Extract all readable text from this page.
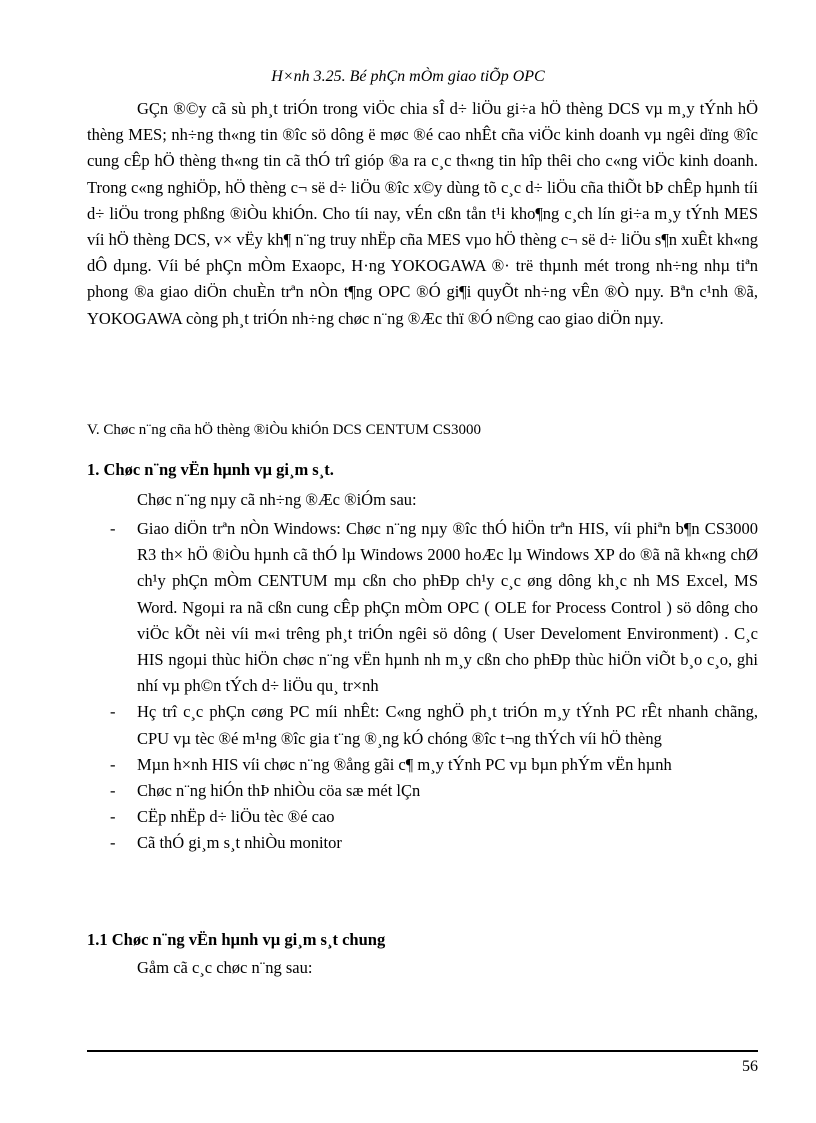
H×nh 3.25. Bé phÇn mÒm giao tiÕp OPC

GÇn ®©y cã sù ph¸t triÓn trong viÖc chia sÎ d÷ liÖu gi÷a hÖ thèng DCS vµ m¸y tÝnh hÖ thèng MES; nh÷ng th«ng tin ®îc sö dông ë møc ®é cao nhÊt cña viÖc kinh doanh vµ ngêi dïng ®îc cung cÊp hÖ thèng th«ng tin cã thÓ trî gióp ®a ra c¸c th«ng tin hîp thêi cho c«ng viÖc kinh doanh. Trong c«ng nghiÖp, hÖ thèng c¬ së d÷ liÖu ®îc x©y dùng tõ c¸c d÷ liÖu cña thiÕt bÞ chÊp hµnh tíi d÷ liÖu trong phßng ®iÒu khiÓn. Cho tíi nay, vÉn cßn tån t¹i kho¶ng c¸ch lín gi÷a m¸y tÝnh MES víi hÖ thèng DCS, v× vËy kh¶ n¨ng truy nhËp cña MES vµo hÖ thèng c¬ së d÷ liÖu s¶n xuÊt kh«ng dÔ dµng. Víi bé phÇn mÒm Exaopc, H·ng YOKOGAWA ®· trë thµnh mét trong nh÷ng nhµ tiªn phong ®a giao diÖn chuÈn trªn nÒn t¶ng OPC ®Ó gi¶i quyÕt nh÷ng vÊn ®Ò nµy. Bªn c¹nh ®ã, YOKOGAWA còng ph¸t triÓn nh÷ng chøc n¨ng ®Æc thï ®Ó n©ng cao giao diÖn nµy.

V. Chøc n¨ng cña hÖ thèng ®iÒu khiÓn DCS CENTUM CS3000
1. Chøc n¨ng vËn hµnh vµ gi¸m s¸t.
Chøc n¨ng nµy cã nh÷ng ®Æc ®iÓm sau:
- Giao diÖn trªn nÒn Windows: Chøc n¨ng nµy ®îc thÓ hiÖn trªn HIS, víi phiªn b¶n CS3000 R3 th× hÖ ®iÒu hµnh cã thÓ lµ Windows 2000 hoÆc lµ Windows XP do ®ã nã kh«ng chØ ch¹y phÇn mÒm CENTUM mµ cßn cho phÐp ch¹y c¸c øng dông kh¸c nh MS Excel, MS Word. Ngoµi ra nã cßn cung cÊp phÇn mÒm OPC ( OLE for Process Control ) sö dông cho viÖc kÕt nèi víi m«i trêng ph¸t triÓn ngêi sö dông ( User Develoment Environment) . C¸c HIS ngoµi thùc hiÖn chøc n¨ng vËn hµnh nh m¸y cßn cho phÐp thùc hiÖn viÕt b¸o c¸o, ghi nhí vµ ph©n tÝch d÷ liÖu qu¸ tr×nh
- Hç trî c¸c phÇn cøng PC míi nhÊt: C«ng nghÖ ph¸t triÓn m¸y tÝnh PC rÊt nhanh chãng, CPU vµ tèc ®é m¹ng ®îc gia t¨ng ®¸ng kÓ chóng ®îc t¬ng thÝch víi hÖ thèng
- Mµn h×nh HIS víi chøc n¨ng ®ång gãi c¶ m¸y tÝnh PC vµ bµn phÝm vËn hµnh
- Chøc n¨ng hiÓn thÞ nhiÒu cöa sæ mét lÇn
- CËp nhËp d÷ liÖu tèc ®é cao
- Cã thÓ gi¸m s¸t nhiÒu monitor
1.1 Chøc n¨ng vËn hµnh vµ gi¸m s¸t chung
Gåm cã c¸c chøc n¨ng sau:
56
